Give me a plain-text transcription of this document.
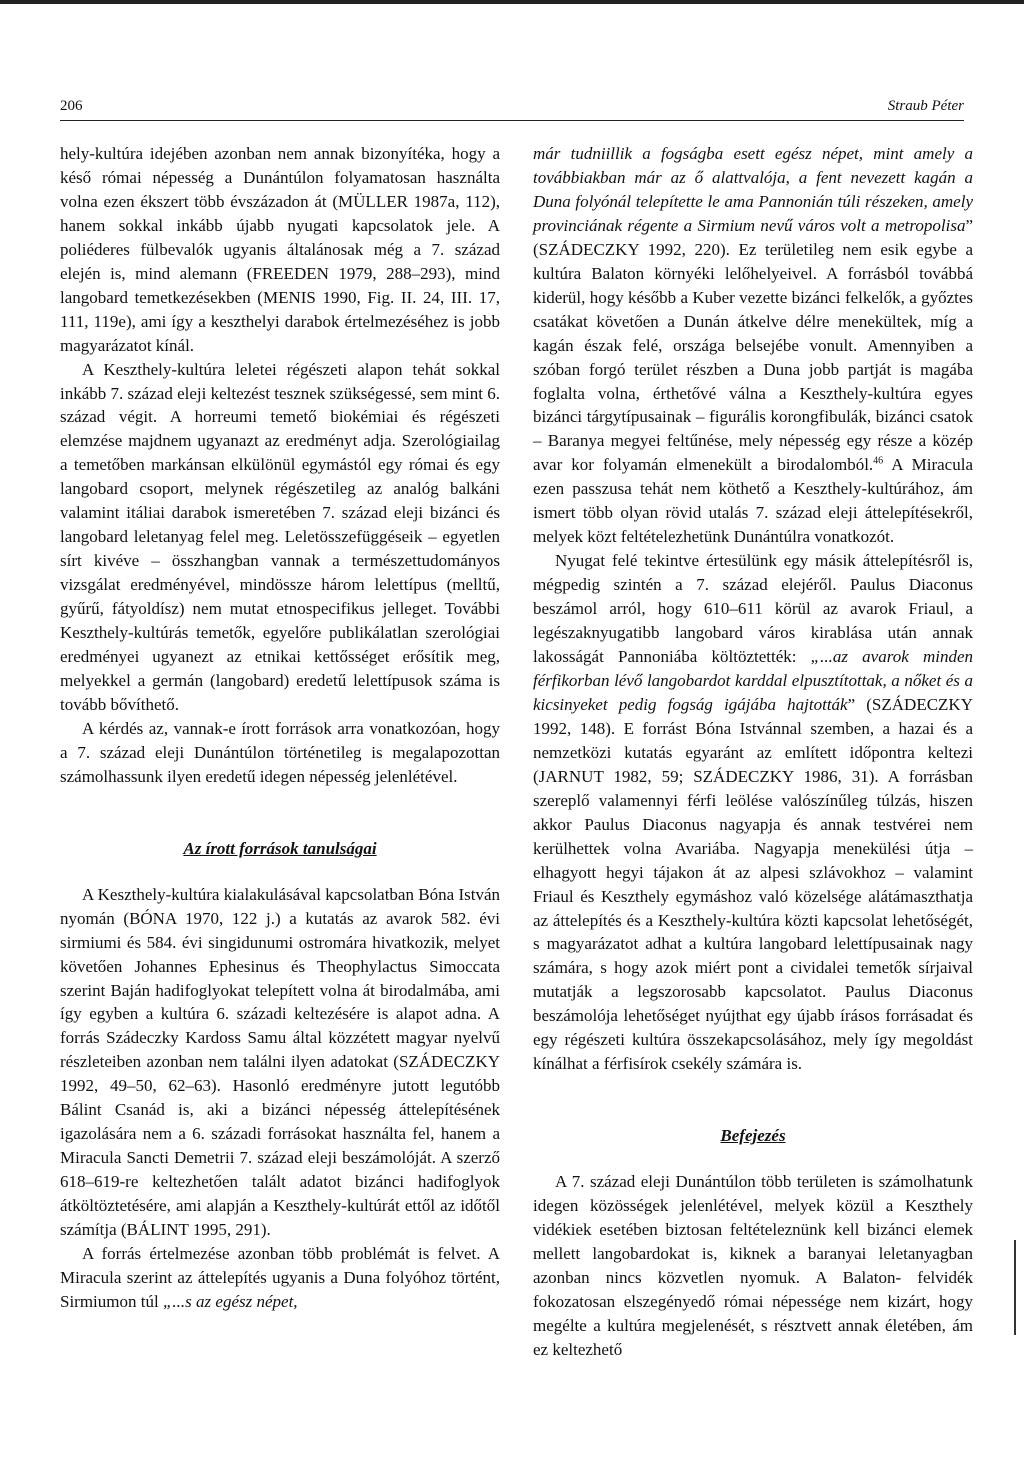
206	Straub Péter

hely-kultúra idejében azonban nem annak bizonyítéka, hogy a késő római népesség a Dunántúlon folyamatosan használta volna ezen ékszert több évszázadon át (MÜLLER 1987a, 112), hanem sokkal inkább újabb nyugati kapcsolatok jele. A poliéderes fülbevalók ugyanis általánosak még a 7. század elején is, mind alemann (FREEDEN 1979, 288–293), mind langobard temetkezésekben (MENIS 1990, Fig. II. 24, III. 17, 111, 119e), ami így a keszthelyi darabok értelmezéséhez is jobb magyarázatot kínál.

A Keszthely-kultúra leletei régészeti alapon tehát sokkal inkább 7. század eleji keltezést tesznek szükségessé, sem mint 6. század végit. A horreumi temető biokémiai és régészeti elemzése majdnem ugyanazt az eredményt adja. Szerológiailag a temetőben markánsan elkülönül egymástól egy római és egy langobard csoport, melynek régészetileg az analóg balkáni valamint itáliai darabok ismeretében 7. század eleji bizánci és langobard leletanyag felel meg. Leletösszefüggéseik – egyetlen sírt kivéve – összhangban vannak a természettudományos vizsgálat eredményével, mindössze három lelettípus (melltű, gyűrű, fátyoldísz) nem mutat etnospecifikus jelleget. További Keszthely-kultúrás temetők, egyelőre publikálatlan szerológiai eredményei ugyanezt az etnikai kettősséget erősítik meg, melyekkel a germán (langobard) eredetű lelettípusok száma is tovább bővíthető.

A kérdés az, vannak-e írott források arra vonatkozóan, hogy a 7. század eleji Dunántúlon történetileg is megalapozottan számolhassunk ilyen eredetű idegen népesség jelenlétével.

Az írott források tanulságai

A Keszthely-kultúra kialakulásával kapcsolatban Bóna István nyomán (BÓNA 1970, 122 j.) a kutatás az avarok 582. évi sirmiumi és 584. évi singidunumi ostromára hivatkozik, melyet követően Johannes Ephesinus és Theophylactus Simoccata szerint Baján hadifoglyokat telepített volna át birodalmába, ami így egyben a kultúra 6. századi keltezésére is alapot adna. A forrás Szádeczky Kardoss Samu által közzétett magyar nyelvű részleteiben azonban nem találni ilyen adatokat (SZÁDECZKY 1992, 49–50, 62–63). Hasonló eredményre jutott legutóbb Bálint Csanád is, aki a bizánci népesség áttelepítésének igazolására nem a 6. századi forrásokat használta fel, hanem a Miracula Sancti Demetrii 7. század eleji beszámolóját. A szerző 618–619-re keltezhetően talált adatot bizánci hadifoglyok átköltöztetésére, ami alapján a Keszthely-kultúrát ettől az időtől számítja (BÁLINT 1995, 291).

A forrás értelmezése azonban több problémát is felvet. A Miracula szerint az áttelepítés ugyanis a Duna folyóhoz történt, Sirmiumon túl „...s az egész népet,

már tudniillik a fogságba esett egész népet, mint amely a továbbiakban már az ő alattvalója, a fent nevezett kagán a Duna folyónál telepítette le ama Pannonián túli részeken, amely provinciának régente a Sirmium nevű város volt a metropolisa” (SZÁDECZKY 1992, 220). Ez területileg nem esik egybe a kultúra Balaton környéki lelőhelyeivel. A forrásból továbbá kiderül, hogy később a Kuber vezette bizánci felkelők, a győztes csatákat követően a Dunán átkelve délre menekültek, míg a kagán észak felé, országa belsejébe vonult. Amennyiben a szóban forgó terület részben a Duna jobb partját is magába foglalta volna, érthetővé válna a Keszthely-kultúra egyes bizánci tárgytípusainak – figurális korongfibulák, bizánci csatok – Baranya megyei feltűnése, mely népesség egy része a közép avar kor folyamán elmenekült a birodalomból.$^{46}$ A Miracula ezen passzusa tehát nem köthető a Keszthely-kultúrához, ám ismert több olyan rövid utalás 7. század eleji áttelepítésekről, melyek közt feltételezhetünk Dunántúlra vonatkozót.

Nyugat felé tekintve értesülünk egy másik áttelepítésről is, mégpedig szintén a 7. század elejéről. Paulus Diaconus beszámol arról, hogy 610–611 körül az avarok Friaul, a legészaknyugatibb langobard város kirablása után annak lakosságát Pannoniába költöztették: „...az avarok minden férfikorban lévő langobardot karddal elpusztítottak, a nőket és a kicsinyeket pedig fogság igájába hajtották” (SZÁDECZKY 1992, 148). E forrást Bóna Istvánnal szemben, a hazai és a nemzetközi kutatás egyaránt az említett időpontra keltezi (JARNUT 1982, 59; SZÁDECZKY 1986, 31). A forrásban szereplő valamennyi férfi leölése valószínűleg túlzás, hiszen akkor Paulus Diaconus nagyapja és annak testvérei nem kerülhettek volna Avariába. Nagyapja menekülési útja – elhagyott hegyi tájakon át az alpesi szlávokhoz – valamint Friaul és Keszthely egymáshoz való közelsége alátámaszthatja az áttelepítés és a Keszthely-kultúra közti kapcsolat lehetőségét, s magyarázatot adhat a kultúra langobard lelettípusainak nagy számára, s hogy azok miért pont a cividalei temetők sírjaival mutatják a legszorosabb kapcsolatot. Paulus Diaconus beszámolója lehetőséget nyújthat egy újabb írásos forrásadat és egy régészeti kultúra összekapcsolásához, mely így megoldást kínálhat a férfisírok csekély számára is.

Befejezés

A 7. század eleji Dunántúlon több területen is számolhatunk idegen közösségek jelenlétével, melyek közül a Keszthely vidékiek esetében biztosan feltételeznünk kell bizánci elemek mellett langobardokat is, kiknek a baranyai leletanyagban azonban nincs közvetlen nyomuk. A Balaton- felvidék fokozatosan elszegényedő római népessége nem kizárt, hogy megélte a kultúra megjelenését, s résztvett annak életében, ám ez keltezhető
